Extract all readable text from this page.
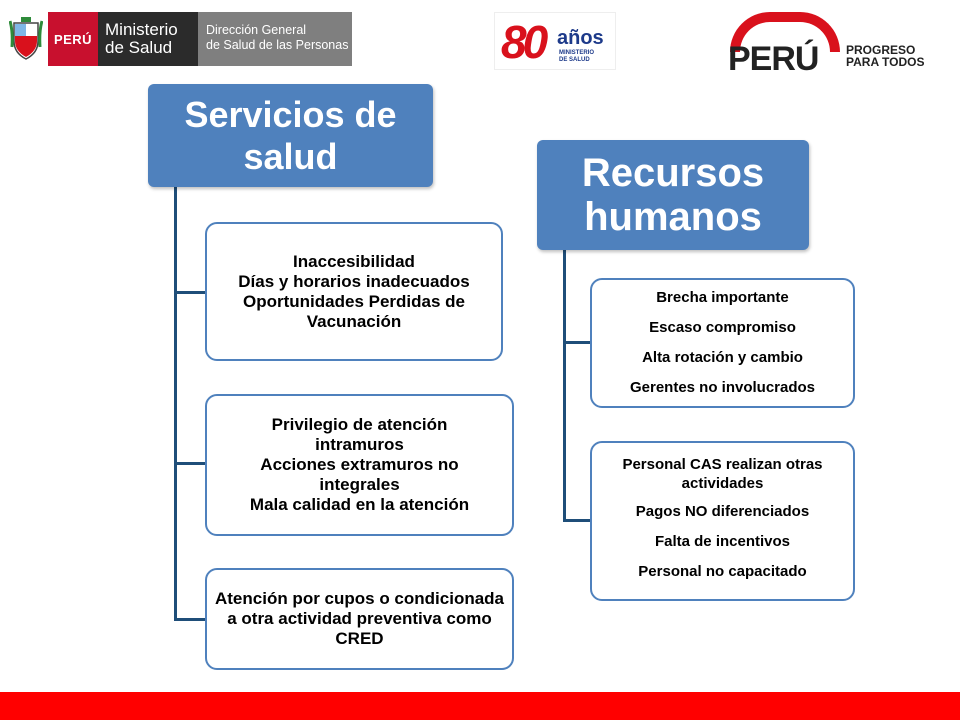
PERÚ Ministerio
de Salud
Dirección General
de Salud de las Personas	80 años
MINISTERIO
DE SALUD	PERÚ PROGRESO
PARA TODOS
Servicios de salud
Inaccesibilidad
Días y horarios inadecuados
Oportunidades Perdidas de Vacunación
Privilegio de atención intramuros
Acciones extramuros no integrales
Mala calidad en la atención
Atención por cupos o condicionada a otra actividad preventiva como CRED
Recursos humanos
Brecha importante
Escaso compromiso
Alta rotación y cambio
Gerentes no involucrados
Personal CAS realizan otras actividades
Pagos NO diferenciados
Falta de incentivos
Personal no capacitado
